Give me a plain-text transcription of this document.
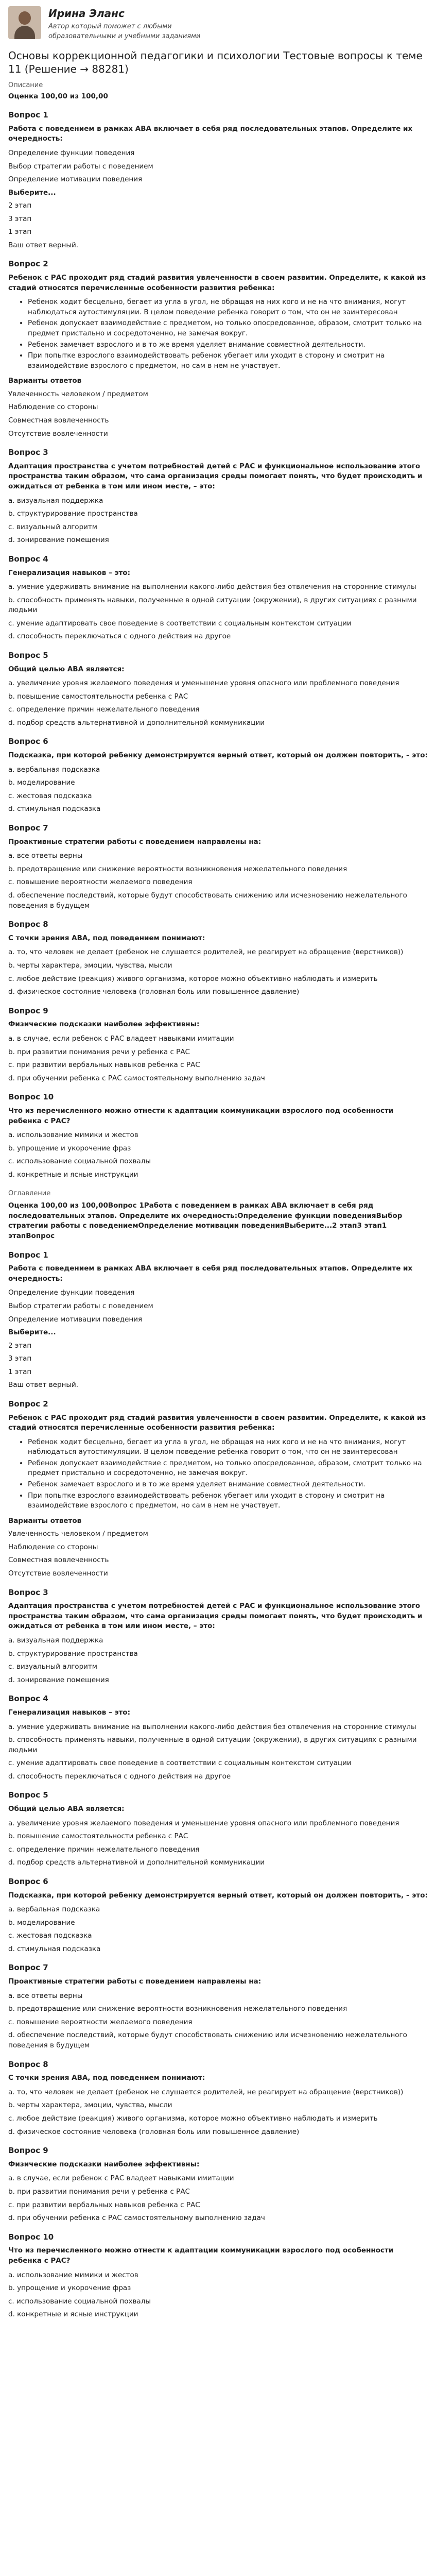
Ирина Эланс
Автор который поможет с любыми образовательными и учебными заданиями
Основы коррекционной педагогики и психологии Тестовые вопросы к теме 11 (Решение → 88281)
Описание
Оценка 100,00 из 100,00
Вопрос 1
Работа с поведением в рамках ABA включает в себя ряд последовательных этапов. Определите их очередность:
Определение функции поведения
Выбор стратегии работы с поведением
Определение мотивации поведения
Выберите...
2 этап
3 этап
1 этап
Ваш ответ верный.
Вопрос 2
Ребенок с РАС проходит ряд стадий развития увлеченности в своем развитии. Определите, к какой из стадий относятся перечисленные особенности развития ребенка:
• Ребенок ходит бесцельно, бегает из угла в угол, не обращая на них кого и не на что внимания, могут наблюдаться аутостимуляции. В целом поведение ребенка говорит о том, что он не заинтересован
• Ребенок допускает взаимодействие с предметом, но только опосредованное, образом, смотрит только на предмет пристально и сосредоточенно, не замечая вокруг.
• Ребенок замечает взрослого и в то же время уделяет внимание совместной деятельности.
• При попытке взрослого взаимодействовать ребенок убегает или уходит в сторону и смотрит на взаимодействие взрослого с предметом, но сам в нем не участвует.
Варианты ответов
Увлеченность человеком / предметом
Наблюдение со стороны
Совместная вовлеченность
Отсутствие вовлеченности
Вопрос 3
Адаптация пространства с учетом потребностей детей с РАС и функциональное использование этого пространства таким образом, что сама организация среды помогает понять, что будет происходить и ожидаться от ребенка в том или ином месте, – это:
a. визуальная поддержка
b. структурирование пространства
c. визуальный алгоритм
d. зонирование помещения
Вопрос 4
Генерализация навыков – это:
a. умение удерживать внимание на выполнении какого-либо действия без отвлечения на сторонние стимулы
b. способность применять навыки, полученные в одной ситуации (окружении), в других ситуациях с разными людьми
c. умение адаптировать свое поведение в соответствии с социальным контекстом ситуации
d. способность переключаться с одного действия на другое
Вопрос 5
Общий целью АВА является:
a. увеличение уровня желаемого поведения и уменьшение уровня опасного или проблемного поведения
b. повышение самостоятельности ребенка с РАС
c. определение причин нежелательного поведения
d. подбор средств альтернативной и дополнительной коммуникации
Вопрос 6
Подсказка, при которой ребенку демонстрируется верный ответ, который он должен повторить, – это:
a. вербальная подсказка
b. моделирование
c. жестовая подсказка
d. стимульная подсказка
Вопрос 7
Проактивные стратегии работы с поведением направлены на:
a. все ответы верны
b. предотвращение или снижение вероятности возникновения нежелательного поведения
c. повышение вероятности желаемого поведения
d. обеспечение последствий, которые будут способствовать снижению или исчезновению нежелательного поведения в будущем
Вопрос 8
С точки зрения АВА, под поведением понимают:
a. то, что человек не делает (ребенок не слушается родителей, не реагирует на обращение (верстников))
b. черты характера, эмоции, чувства, мысли
c. любое действие (реакция) живого организма, которое можно объективно наблюдать и измерить
d. физическое состояние человека (головная боль или повышенное давление)
Вопрос 9
Физические подсказки наиболее эффективны:
a. в случае, если ребенок с РАС владеет навыками имитации
b. при развитии понимания речи у ребенка с РАС
c. при развитии вербальных навыков ребенка с РАС
d. при обучении ребенка с РАС самостоятельному выполнению задач
Вопрос 10
Что из перечисленного можно отнести к адаптации коммуникации взрослого под особенности ребенка с РАС?
a. использование мимики и жестов
b. упрощение и укорочение фраз
c. использование социальной похвалы
d. конкретные и ясные инструкции
Оглавление
Оценка 100,00 из 100,00Вопрос 1Работа с поведением в рамках ABA включает в себя ряд последовательных этапов. Определите их очередность:Определение функции поведенияВыбор стратегии работы с поведениемОпределение мотивации поведенияВыберите...2 этап3 этап1 этапВопрос
Вопрос 1
Работа с поведением в рамках ABA включает в себя ряд последовательных этапов. Определите их очередность:
Определение функции поведения
Выбор стратегии работы с поведением
Определение мотивации поведения
Выберите...
2 этап
3 этап
1 этап
Ваш ответ верный.
Вопрос 2
Ребенок с РАС проходит ряд стадий развития увлеченности в своем развитии. Определите, к какой из стадий относятся перечисленные особенности развития ребенка:
• Ребенок ходит бесцельно, бегает из угла в угол, не обращая на них кого и не на что внимания, могут наблюдаться аутостимуляции. В целом поведение ребенка говорит о том, что он не заинтересован
• Ребенок допускает взаимодействие с предметом, но только опосредованное, образом, смотрит только на предмет пристально и сосредоточенно, не замечая вокруг.
• Ребенок замечает взрослого и в то же время уделяет внимание совместной деятельности.
• При попытке взрослого взаимодействовать ребенок убегает или уходит в сторону и смотрит на взаимодействие взрослого с предметом, но сам в нем не участвует.
Варианты ответов
Увлеченность человеком / предметом
Наблюдение со стороны
Совместная вовлеченность
Отсутствие вовлеченности
Вопрос 3
Адаптация пространства с учетом потребностей детей с РАС и функциональное использование этого пространства таким образом, что сама организация среды помогает понять, что будет происходить и ожидаться от ребенка в том или ином месте, – это:
a. визуальная поддержка
b. структурирование пространства
c. визуальный алгоритм
d. зонирование помещения
Вопрос 4
Генерализация навыков – это:
a. умение удерживать внимание на выполнении какого-либо действия без отвлечения на сторонние стимулы
b. способность применять навыки, полученные в одной ситуации (окружении), в других ситуациях с разными людьми
c. умение адаптировать свое поведение в соответствии с социальным контекстом ситуации
d. способность переключаться с одного действия на другое
Вопрос 5
Общий целью АВА является:
a. увеличение уровня желаемого поведения и уменьшение уровня опасного или проблемного поведения
b. повышение самостоятельности ребенка с РАС
c. определение причин нежелательного поведения
d. подбор средств альтернативной и дополнительной коммуникации
Вопрос 6
Подсказка, при которой ребенку демонстрируется верный ответ, который он должен повторить, – это:
a. вербальная подсказка
b. моделирование
c. жестовая подсказка
d. стимульная подсказка
Вопрос 7
Проактивные стратегии работы с поведением направлены на:
a. все ответы верны
b. предотвращение или снижение вероятности возникновения нежелательного поведения
c. повышение вероятности желаемого поведения
d. обеспечение последствий, которые будут способствовать снижению или исчезновению нежелательного поведения в будущем
Вопрос 8
С точки зрения АВА, под поведением понимают:
a. то, что человек не делает (ребенок не слушается родителей, не реагирует на обращение (верстников))
b. черты характера, эмоции, чувства, мысли
c. любое действие (реакция) живого организма, которое можно объективно наблюдать и измерить
d. физическое состояние человека (головная боль или повышенное давление)
Вопрос 9
Физические подсказки наиболее эффективны:
a. в случае, если ребенок с РАС владеет навыками имитации
b. при развитии понимания речи у ребенка с РАС
c. при развитии вербальных навыков ребенка с РАС
d. при обучении ребенка с РАС самостоятельному выполнению задач
Вопрос 10
Что из перечисленного можно отнести к адаптации коммуникации взрослого под особенности ребенка с РАС?
a. использование мимики и жестов
b. упрощение и укорочение фраз
c. использование социальной похвалы
d. конкретные и ясные инструкции
